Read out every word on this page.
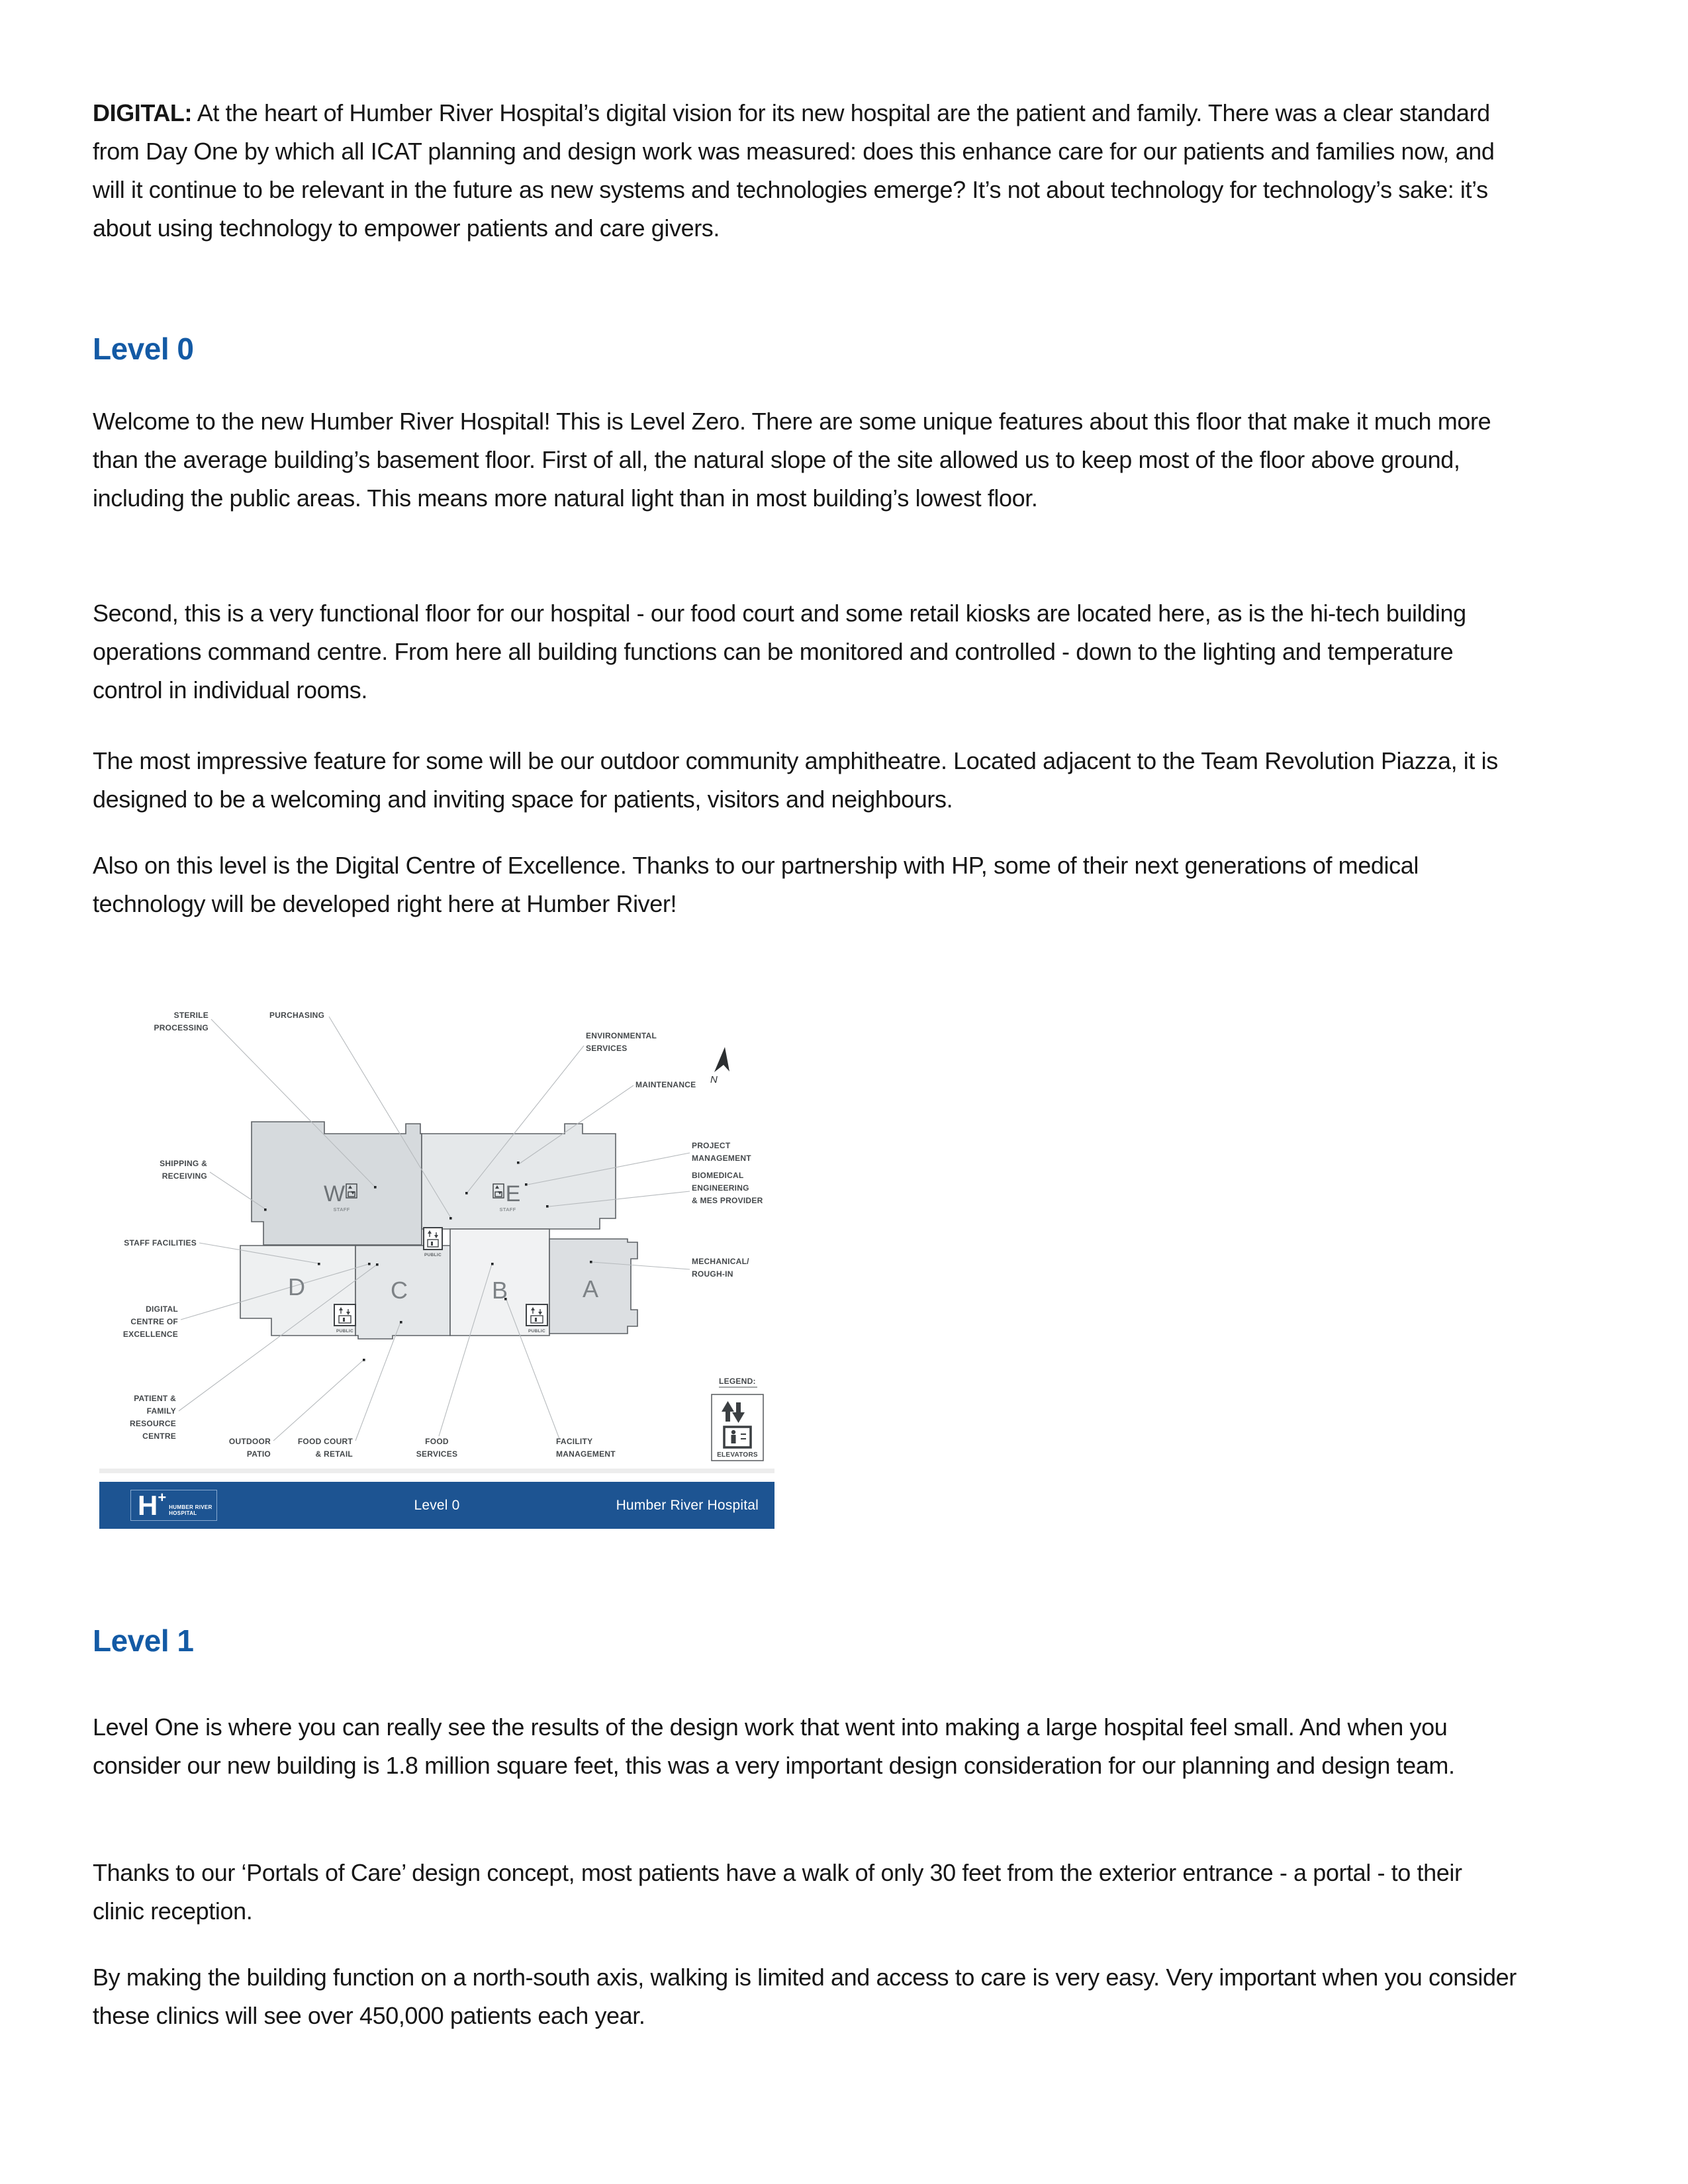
DIGITAL: At the heart of Humber River Hospital’s digital vision for its new hospital are the patient and family. There was a clear standard from Day One by which all ICAT planning and design work was measured: does this enhance care for our patients and families now, and will it continue to be relevant in the future as new systems and technologies emerge? It’s not about technology for technology’s sake: it’s about using technology to empower patients and care givers.

Level 0

Welcome to the new Humber River Hospital! This is Level Zero. There are some unique features about this floor that make it much more than the average building’s basement floor. First of all, the natural slope of the site allowed us to keep most of the floor above ground, including the public areas. This means more natural light than in most building’s lowest floor.

Second, this is a very functional floor for our hospital - our food court and some retail kiosks are located here, as is the hi-tech building operations command centre. From here all building functions can be monitored and controlled - down to the lighting and temperature control in individual rooms.

The most impressive feature for some will be our outdoor community amphitheatre. Located adjacent to the Team Revolution Piazza, it is designed to be a welcoming and inviting space for patients, visitors and neighbours.

Also on this level is the Digital Centre of Excellence. Thanks to our partnership with HP, some of their next generations of medical technology will be developed right here at Humber River!

W	E
D	C	B	A
STAFF	STAFF
PUBLIC
PUBLIC	PUBLIC
N
STERILE
PROCESSING
PURCHASING
ENVIRONMENTAL
SERVICES
MAINTENANCE
PROJECT
MANAGEMENT
BIOMEDICAL
ENGINEERING
& MES PROVIDER
MECHANICAL/
ROUGH-IN
SHIPPING &
RECEIVING
STAFF FACILITIES
DIGITAL
CENTRE OF
EXCELLENCE
PATIENT &
FAMILY
RESOURCE
CENTRE
OUTDOOR
PATIO
FOOD COURT
& RETAIL
FOOD
SERVICES
FACILITY
MANAGEMENT
LEGEND:
ELEVATORS
H +
HUMBER RIVER
HOSPITAL
Level 0	Humber River Hospital
Level 1

Level One is where you can really see the results of the design work that went into making a large hospital feel small. And when you consider our new building is 1.8 million square feet, this was a very important design consideration for our planning and design team.

Thanks to our ‘Portals of Care’ design concept, most patients have a walk of only 30 feet from the exterior entrance - a portal - to their clinic reception.

By making the building function on a north-south axis, walking is limited and access to care is very easy. Very important when you consider these clinics will see over 450,000 patients each year.
